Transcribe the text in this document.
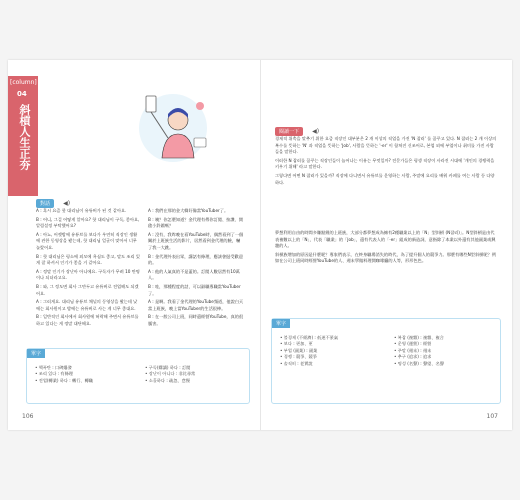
[column]
04
斜槓人生正夯
對話 ◀)

A : 혹시 요즘 핫 대리님이 유튜버가 된 것 같아요.

B : 어니, 그걸 어떻게 알아요? 핫 대리님이 구독, 좋아요, 알림설정 부탁했어요?

A : 아뇨, 어젯밤에 유튜브를 보다가 우연히 직장인 생활에 관한 동영상을 봤는데, 핫 대리님 얼굴이 맞아서 너무 놀랐어요.

B : 핫 대리님은 평소에 외모에 욕심도 좋고, 말도 조리 있게 잘 하셔서 인기가 좋을 거 같아요.

A : 정말 인기가 장난아 아니에요. 구독자가 무려 10 만명이나 되더라고요.

B : 와, 그 정도면 회사 그만두고 유튜버로 전업해도 되겠어요.

A : 그러게요. 대리님 유튜브 채널의 동영상을 봤는데 낮에는 회사원이고 밤에는 유튜버로 사는 게 너무 좋대요.

B : 일반적인 회사에서 회사원에 허락해 주면서 유튜브를 하고 있다는 게 정말 대단해요.

A : 我們在那的金大韓好像當YouTuber了。

B : 咦？你怎麼知道？金代理有傳你訂閱、按讚、開啟小鈴鐺嗎？

A : 沒有，我昨晚在看YouTube時，偶然看到了一個關於上班族生活的影片，居然看到金代理的臉，嚇了我一大跳。

B : 金代理外表出眾，講話有條理，應該會挺受歡迎的。

A : 他的人氣真的不是蓋的。訂閱人數居然有10萬人。

B : 哇，那種程度的話，可以辭職專職當YouTuber了。

A : 是啊。我看了金代理的YouTube頻道，他說白天當上班族，晚上當YouTuber的生活很棒。

B : 在一般公司上班，同時還經營YouTube，真的很厲害。

單字
• 핵폭탄 : 口碑爆發
• 조리 있다 : 有條理
• 전업(轉業) 하다 : 轉行、轉職
• 구독(購讀) 하다 : 訂閱
• 장난이 아니다 : 非比尋常
• 소홀하다 : 疏忽、怠慢
106
閱讀一下 ◀)

경제적 위축을 맞추기 위한 요즘 직장인 대부분은 2 개 이상의 직업을 가진 'N 잡러' 를 꿈꾸고 있다. N 잡러는 2 개 이상의 복수를 뜻하는 'N' 과 직업을 뜻하는 'Job', 사람을 뜻하는 '-er' 이 합쳐진 신조어로, 본업 외에 부업이나 취미를 가진 사람들을 말한다.

이러한 N 잡러를 꿈꾸는 직장인들이 늘어나는 이유는 무엇일까? 전문가들은 평생 직장이 사라진 시대에 '개인의 경쟁력을 키우기 위해' 라고 말한다.

그렇다면 어떤 N 잡러가 있을까? 직장에 다니면서 유튜브를 운영하는 사람, 주말에 요리를 배워 카페를 여는 사람 등 다양하다.

夢想利用自由的時間多賺點錢的上班族，大部分都夢想成為擁有2種職業以上的「N」型斜槓 (N잡러)」。N型斜槓是由代表複數以上的「N」，代表「職業」的「Job」，還有代表人的「-er」組成的新造詞，意指除了本業以外還有其他副業或興趣的人。

斜槓族增加的原因是什麼呢？專家們表示，在終身職場消失的時代，為了提升個人的競爭力。那麼有哪些N型斜槓呢？例如在公司上班同時經營YouTube的人、週末學做料理開咖啡廳的人等，形形色色。

單字
• 불경제 (不經濟) : 低迷不景氣
• 보다 : 更加、更
• 부업 (副業) : 副業
• 경쟁 : 競爭、競爭
• 솔직히 : 老實說
• 복잡 (複雜) : 複雜、複合
• 운영 (運營) : 經營
• 주말 (週末) : 週末
• 추구 (追求) : 追求
• 명성 (名聲) : 聲望、名聲
107
